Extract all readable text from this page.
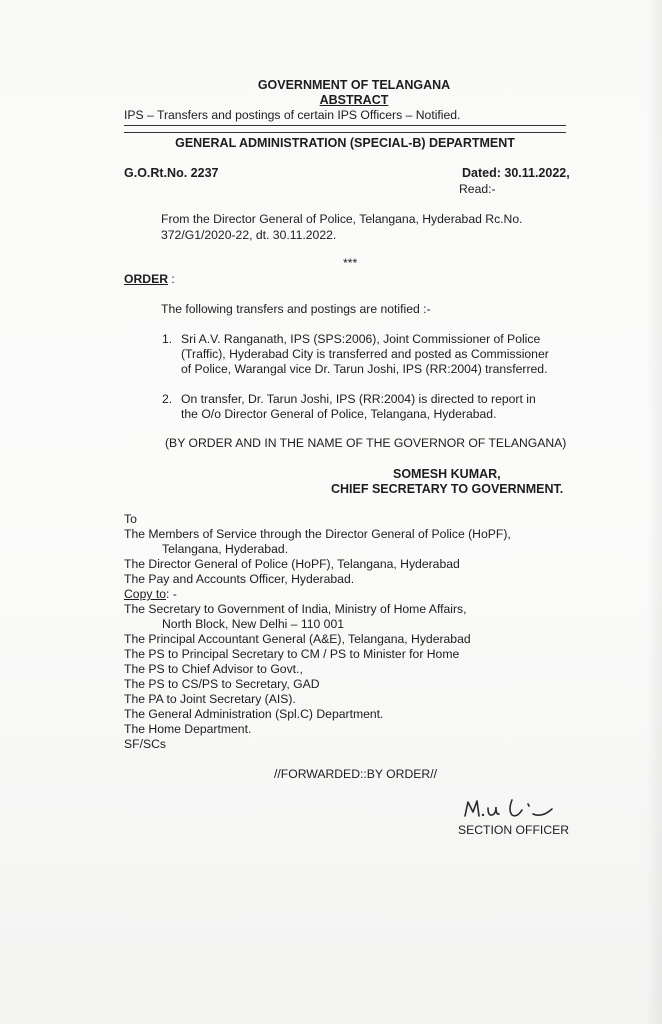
GOVERNMENT OF TELANGANA
ABSTRACT
IPS – Transfers and postings of certain IPS Officers – Notified.
GENERAL ADMINISTRATION (SPECIAL-B) DEPARTMENT
G.O.Rt.No. 2237	Dated: 30.11.2022,
Read:-
From the Director General of Police, Telangana, Hyderabad Rc.No.
372/G1/2020-22, dt. 30.11.2022.
***
ORDER :
The following transfers and postings are notified :-
1. Sri A.V. Ranganath, IPS (SPS:2006), Joint Commissioner of Police
(Traffic), Hyderabad City is transferred and posted as Commissioner
of Police, Warangal vice Dr. Tarun Joshi, IPS (RR:2004) transferred.
2. On transfer, Dr. Tarun Joshi, IPS (RR:2004) is directed to report in
the O/o Director General of Police, Telangana, Hyderabad.
(BY ORDER AND IN THE NAME OF THE GOVERNOR OF TELANGANA)
SOMESH KUMAR,
CHIEF SECRETARY TO GOVERNMENT.
To
The Members of Service through the Director General of Police (HoPF),
Telangana, Hyderabad.
The Director General of Police (HoPF), Telangana, Hyderabad
The Pay and Accounts Officer, Hyderabad.
Copy to: -
The Secretary to Government of India, Ministry of Home Affairs,
North Block, New Delhi – 110 001
The Principal Accountant General (A&E), Telangana, Hyderabad
The PS to Principal Secretary to CM / PS to Minister for Home
The PS to Chief Advisor to Govt.,
The PS to CS/PS to Secretary, GAD
The PA to Joint Secretary (AIS).
The General Administration (Spl.C) Department.
The Home Department.
SF/SCs
//FORWARDED::BY ORDER//
SECTION OFFICER
